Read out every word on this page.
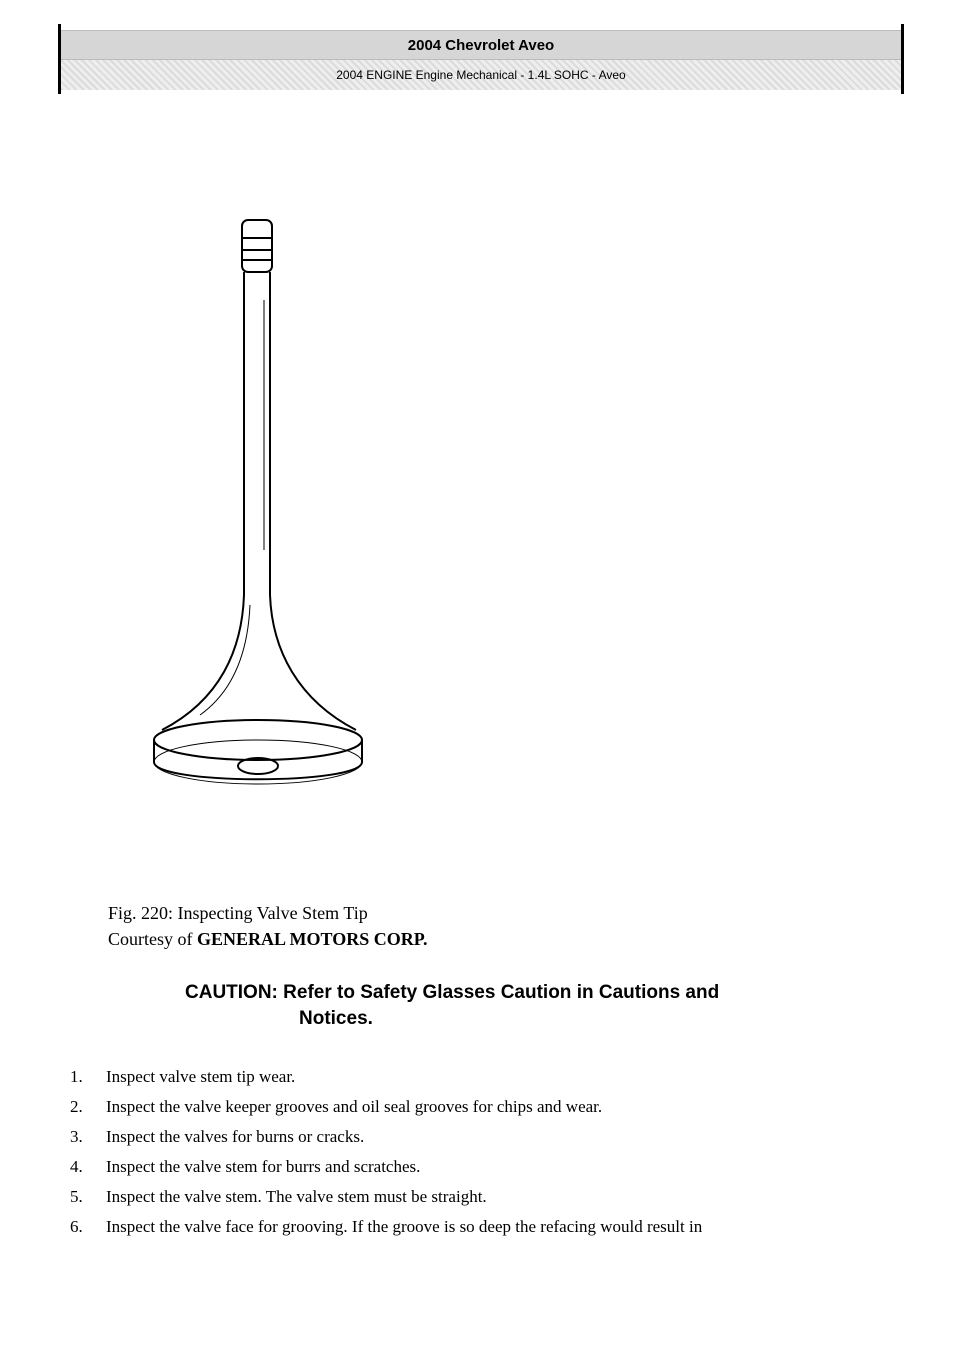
2004 Chevrolet Aveo
2004 ENGINE Engine Mechanical - 1.4L SOHC - Aveo
Fig. 220: Inspecting Valve Stem Tip
Courtesy of GENERAL MOTORS CORP.
CAUTION: Refer to Safety Glasses Caution in Cautions and
Notices.
1.	Inspect valve stem tip wear.
2.	Inspect the valve keeper grooves and oil seal grooves for chips and wear.
3.	Inspect the valves for burns or cracks.
4.	Inspect the valve stem for burrs and scratches.
5.	Inspect the valve stem. The valve stem must be straight.
6.	Inspect the valve face for grooving. If the groove is so deep the refacing would result in
